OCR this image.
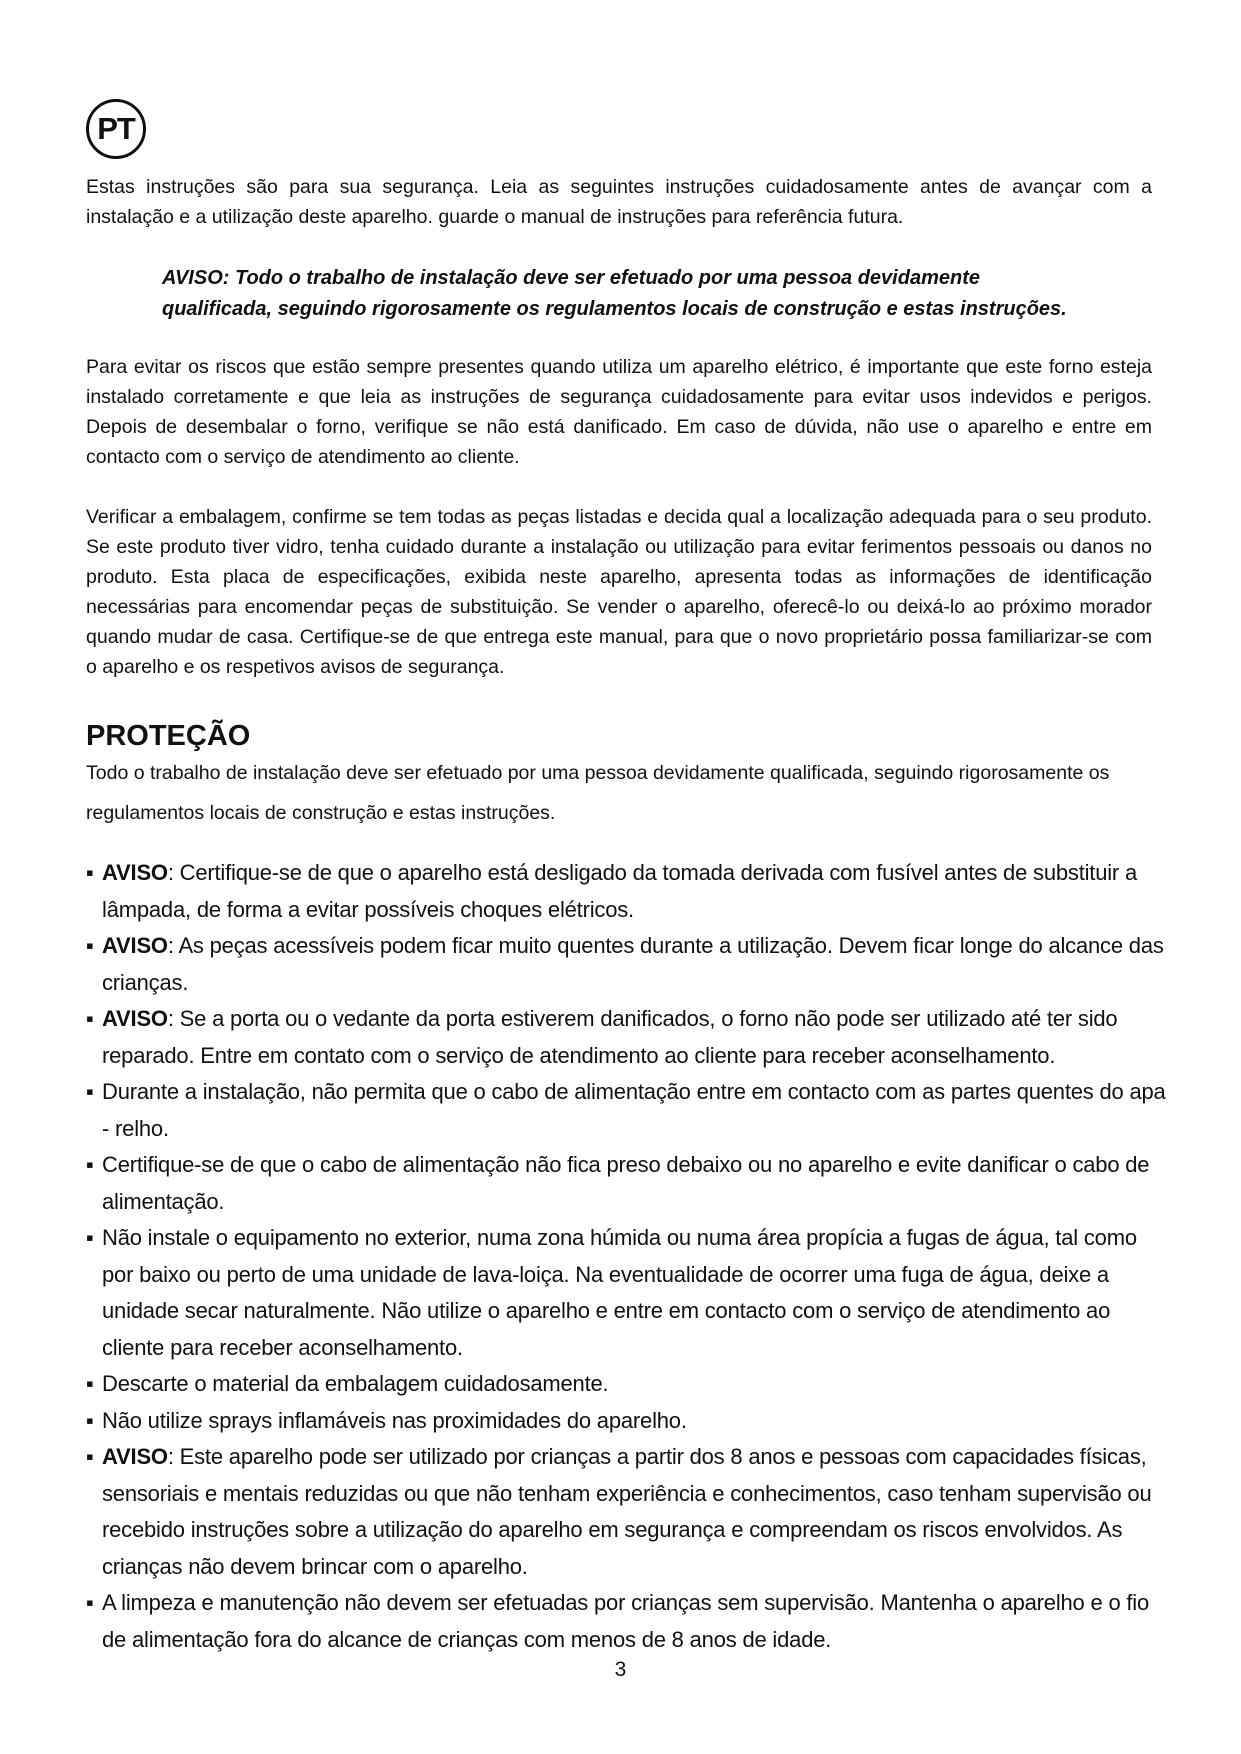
PT

Estas instruções são para sua segurança. Leia as seguintes instruções cuidadosamente antes de avançar com a instalação e a utilização deste aparelho. guarde o manual de instruções para referência futura.

AVISO: Todo o trabalho de instalação deve ser efetuado por uma pessoa devidamente qualificada, seguindo rigorosamente os regulamentos locais de construção e estas instruções.

Para evitar os riscos que estão sempre presentes quando utiliza um aparelho elétrico, é importante que este forno esteja instalado corretamente e que leia as instruções de segurança cuidadosamente para evitar usos indevidos e perigos. Depois de desembalar o forno, verifique se não está danificado. Em caso de dúvida, não use o aparelho e entre em contacto com o serviço de atendimento ao cliente.

Verificar a embalagem, confirme se tem todas as peças listadas e decida qual a localização adequada para o seu produto. Se este produto tiver vidro, tenha cuidado durante a instalação ou utilização para evitar ferimentos pessoais ou danos no produto. Esta placa de especificações, exibida neste aparelho, apresenta todas as informações de identificação necessárias para encomendar peças de substituição. Se vender o aparelho, oferecê-lo ou deixá-lo ao próximo morador quando mudar de casa. Certifique-se de que entrega este manual, para que o novo proprietário possa familiarizar-se com o aparelho e os respetivos avisos de segurança.

PROTEÇÃO

Todo o trabalho de instalação deve ser efetuado por uma pessoa devidamente qualificada, seguindo rigorosamente os regulamentos locais de construção e estas instruções.

▪ AVISO: Certifique-se de que o aparelho está desligado da tomada derivada com fusível antes de substituir a lâmpada, de forma a evitar possíveis choques elétricos.
▪ AVISO: As peças acessíveis podem ficar muito quentes durante a utilização. Devem ficar longe do alcance das crianças.
▪ AVISO: Se a porta ou o vedante da porta estiverem danificados, o forno não pode ser utilizado até ter sido reparado. Entre em contato com o serviço de atendimento ao cliente para receber aconselhamento.
▪ Durante a instalação, não permita que o cabo de alimentação entre em contacto com as partes quentes do apa - relho.
▪ Certifique-se de que o cabo de alimentação não fica preso debaixo ou no aparelho e evite danificar o cabo de alimentação.
▪ Não instale o equipamento no exterior, numa zona húmida ou numa área propícia a fugas de água, tal como por baixo ou perto de uma unidade de lava-loiça. Na eventualidade de ocorrer uma fuga de água, deixe a unidade secar naturalmente. Não utilize o aparelho e entre em contacto com o serviço de atendimento ao cliente para receber aconselhamento.
▪ Descarte o material da embalagem cuidadosamente.
▪ Não utilize sprays inflamáveis nas proximidades do aparelho.
▪ AVISO: Este aparelho pode ser utilizado por crianças a partir dos 8 anos e pessoas com capacidades físicas, sensoriais e mentais reduzidas ou que não tenham experiência e conhecimentos, caso tenham supervisão ou recebido instruções sobre a utilização do aparelho em segurança e compreendam os riscos envolvidos. As crianças não devem brincar com o aparelho.
▪ A limpeza e manutenção não devem ser efetuadas por crianças sem supervisão. Mantenha o aparelho e o fio de alimentação fora do alcance de crianças com menos de 8 anos de idade.

3
